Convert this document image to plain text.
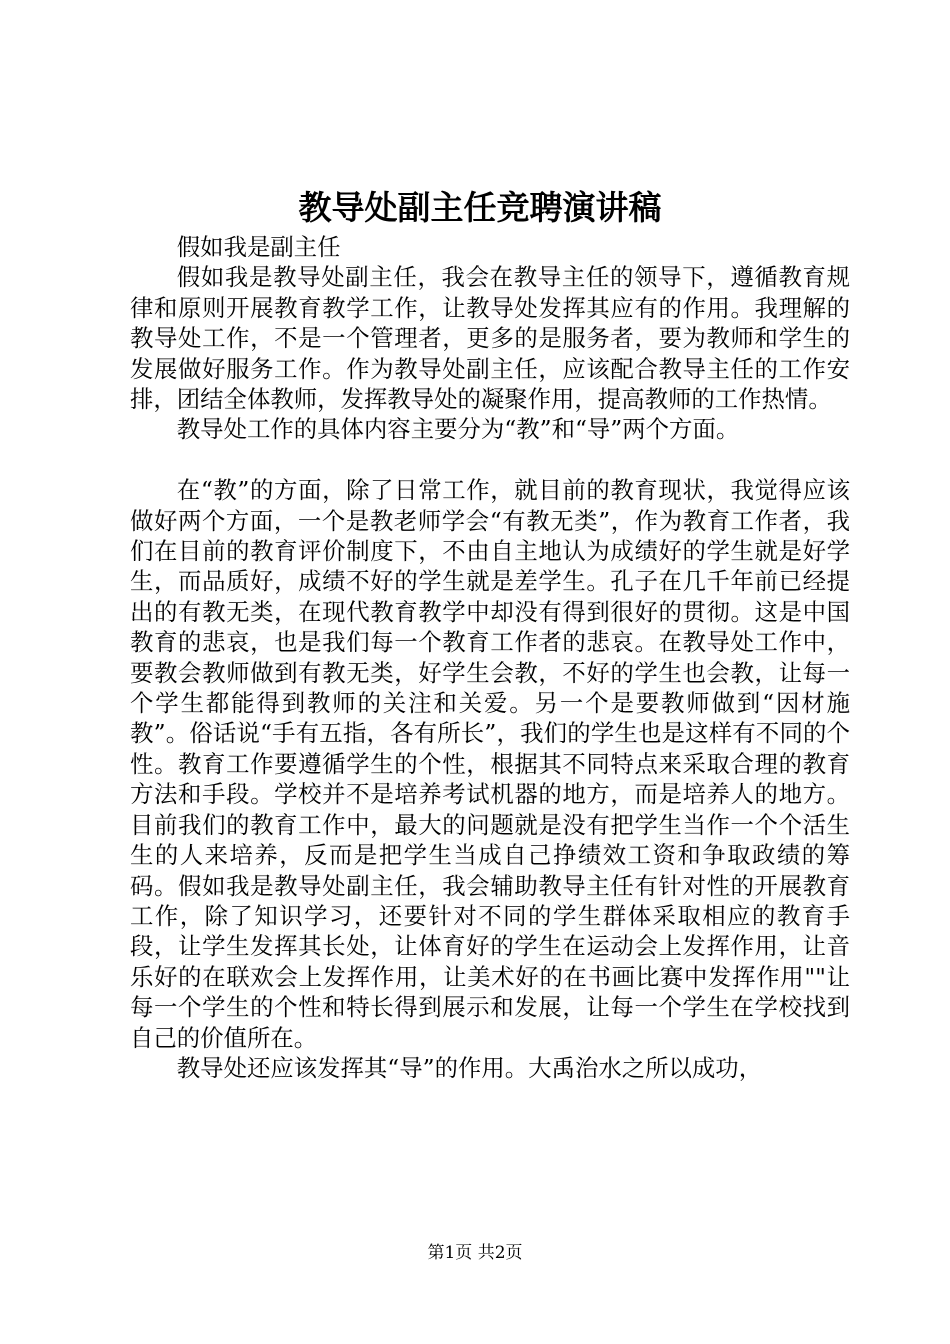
教导处副主任竞聘演讲稿

假如我是副主任

假如我是教导处副主任，我会在教导主任的领导下，遵循教育规律和原则开展教育教学工作，让教导处发挥其应有的作用。我理解的教导处工作，不是一个管理者，更多的是服务者，要为教师和学生的发展做好服务工作。作为教导处副主任，应该配合教导主任的工作安排，团结全体教师，发挥教导处的凝聚作用，提高教师的工作热情。

教导处工作的具体内容主要分为“教”和“导”两个方面。

在“教”的方面，除了日常工作，就目前的教育现状，我觉得应该做好两个方面，一个是教老师学会“有教无类”，作为教育工作者，我们在目前的教育评价制度下，不由自主地认为成绩好的学生就是好学生，而品质好，成绩不好的学生就是差学生。孔子在几千年前已经提出的有教无类，在现代教育教学中却没有得到很好的贯彻。这是中国教育的悲哀，也是我们每一个教育工作者的悲哀。在教导处工作中，要教会教师做到有教无类，好学生会教，不好的学生也会教，让每一个学生都能得到教师的关注和关爱。另一个是要教师做到“因材施教”。俗话说“手有五指，各有所长”，我们的学生也是这样有不同的个性。教育工作要遵循学生的个性，根据其不同特点来采取合理的教育方法和手段。学校并不是培养考试机器的地方，而是培养人的地方。目前我们的教育工作中，最大的问题就是没有把学生当作一个个活生生的人来培养，反而是把学生当成自己挣绩效工资和争取政绩的筹码。假如我是教导处副主任，我会辅助教导主任有针对性的开展教育工作，除了知识学习，还要针对不同的学生群体采取相应的教育手段，让学生发挥其长处，让体育好的学生在运动会上发挥作用，让音乐好的在联欢会上发挥作用，让美术好的在书画比赛中发挥作用""让每一个学生的个性和特长得到展示和发展，让每一个学生在学校找到自己的价值所在。

教导处还应该发挥其“导”的作用。大禹治水之所以成功，

第1页 共2页
